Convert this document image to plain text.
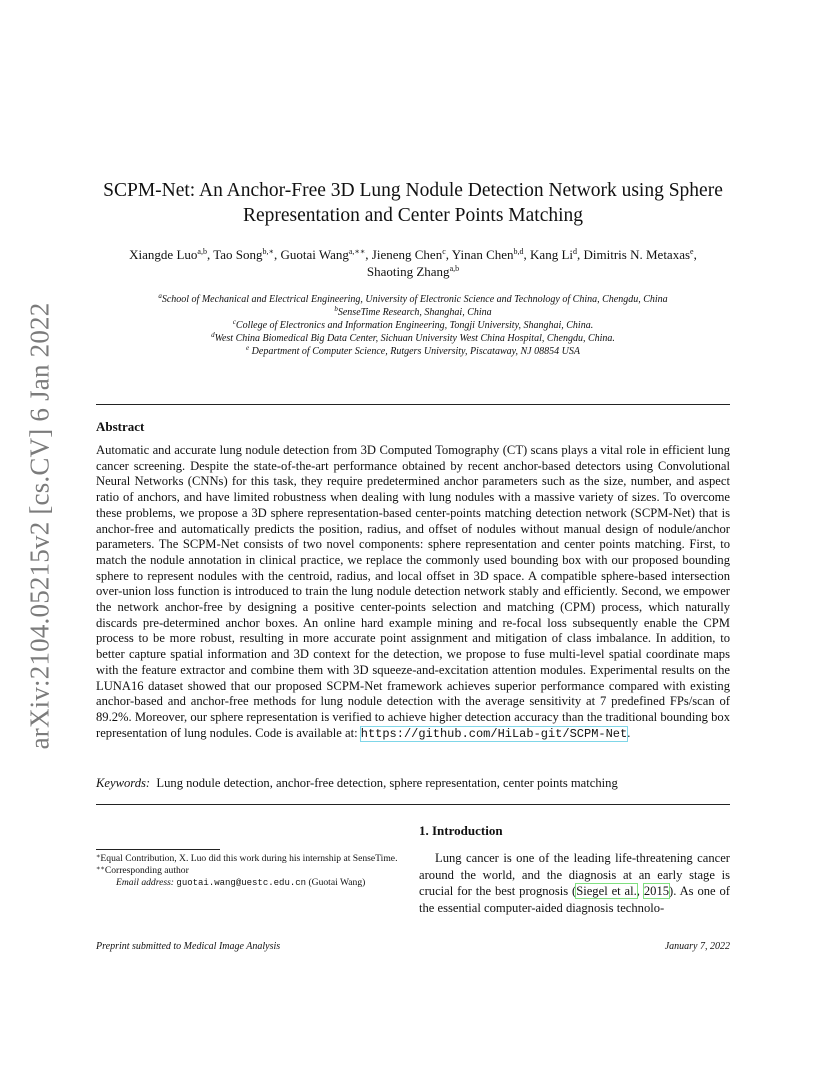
arXiv:2104.05215v2 [cs.CV] 6 Jan 2022
SCPM-Net: An Anchor-Free 3D Lung Nodule Detection Network using Sphere
Representation and Center Points Matching
Xiangde Luo$^{a,b}$, Tao Song$^{b,∗}$, Guotai Wang$^{a,∗∗}$, Jieneng Chen$^c$, Yinan Chen$^{b,d}$, Kang Li$^d$, Dimitris N. Metaxas$^e$,
Shaoting Zhang$^{a,b}$
$^a$School of Mechanical and Electrical Engineering, University of Electronic Science and Technology of China, Chengdu, China
$^b$SenseTime Research, Shanghai, China
$^c$College of Electronics and Information Engineering, Tongji University, Shanghai, China.
$^d$West China Biomedical Big Data Center, Sichuan University West China Hospital, Chengdu, China.
$^e$ Department of Computer Science, Rutgers University, Piscataway, NJ 08854 USA
Abstract
Automatic and accurate lung nodule detection from 3D Computed Tomography (CT) scans plays a vital role in efficient lung cancer screening. Despite the state-of-the-art performance obtained by recent anchor-based detectors using Convolutional Neural Networks (CNNs) for this task, they require predetermined anchor parameters such as the size, number, and aspect ratio of anchors, and have limited robustness when dealing with lung nodules with a massive variety of sizes. To overcome these problems, we propose a 3D sphere representation-based center-points matching detection network (SCPM-Net) that is anchor-free and automatically predicts the position, radius, and offset of nodules without manual design of nodule/anchor parameters. The SCPM-Net consists of two novel components: sphere representation and center points matching. First, to match the nodule annotation in clinical practice, we replace the commonly used bounding box with our proposed bounding sphere to represent nodules with the centroid, radius, and local offset in 3D space. A compatible sphere-based intersection over-union loss function is introduced to train the lung nodule detection network stably and efficiently. Second, we empower the network anchor-free by designing a positive center-points selection and matching (CPM) process, which naturally discards pre-determined anchor boxes. An online hard example mining and re-focal loss subsequently enable the CPM process to be more robust, resulting in more accurate point assignment and mitigation of class imbalance. In addition, to better capture spatial information and 3D context for the detection, we propose to fuse multi-level spatial coordinate maps with the feature extractor and combine them with 3D squeeze-and-excitation attention modules. Experimental results on the LUNA16 dataset showed that our proposed SCPM-Net framework achieves superior performance compared with existing anchor-based and anchor-free methods for lung nodule detection with the average sensitivity at 7 predefined FPs/scan of 89.2%. Moreover, our sphere representation is verified to achieve higher detection accuracy than the traditional bounding box representation of lung nodules. Code is available at: https://github.com/HiLab-git/SCPM-Net.
Keywords: Lung nodule detection, anchor-free detection, sphere representation, center points matching
1. Introduction
Lung cancer is one of the leading life-threatening cancer around the world, and the diagnosis at an early stage is crucial for the best prognosis (Siegel et al., 2015). As one of the essential computer-aided diagnosis technolo-

∗Equal Contribution, X. Luo did this work during his internship at SenseTime.

∗∗Corresponding author

Email address: guotai.wang@uestc.edu.cn (Guotai Wang)

Preprint submitted to Medical Image Analysis	January 7, 2022
